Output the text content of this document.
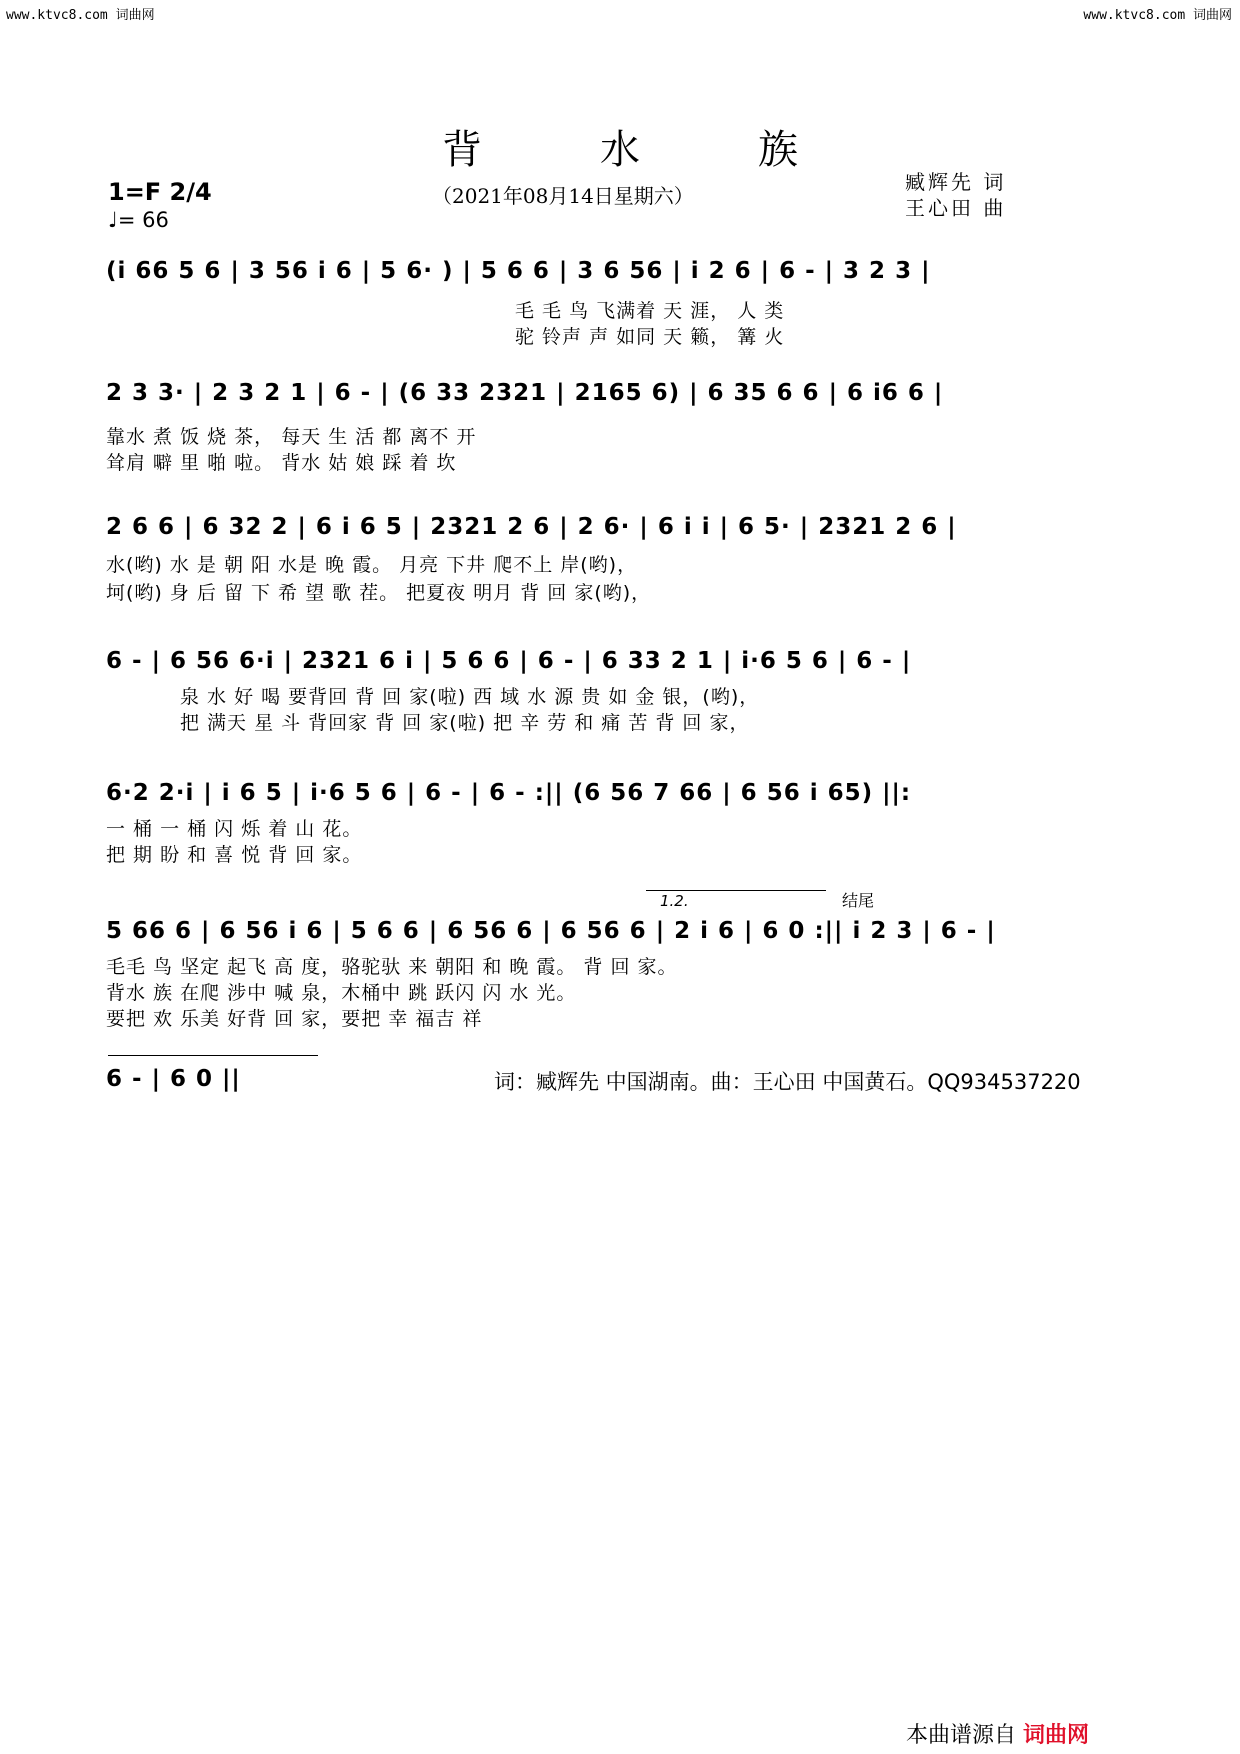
www.ktvc8.com 词曲网	www.ktvc8.com 词曲网
背水族
1=F 2/4
♩= 66
（2021年08月14日星期六）
臧辉先 词
王心田 曲
(i 66 5 6 | 3 56 i 6 | 5 6· ) | 5 6 6 | 3 6 56 | i 2 6 | 6 - | 3 2 3 |
毛 毛 鸟 飞满着 天 涯， 人 类
驼 铃声 声 如同 天 籁， 篝 火
2 3 3· | 2 3 2 1 | 6 - | (6 33 2321 | 2165 6) | 6 35 6 6 | 6 i6 6 |
靠水 煮 饭 烧 茶， 每天 生 活 都 离不 开
耸肩 噼 里 啪 啦。 背水 姑 娘 踩 着 坎
2 6 6 | 6 32 2 | 6 i 6 5 | 2321 2 6 | 2 6· | 6 i i | 6 5· | 2321 2 6 |
水(哟) 水 是 朝 阳 水是 晚 霞。 月亮 下井 爬不上 岸(哟)，
坷(哟) 身 后 留 下 希 望 歌 茬。 把夏夜 明月 背 回 家(哟)，
6 - | 6 56 6·i | 2321 6 i | 5 6 6 | 6 - | 6 33 2 1 | i·6 5 6 | 6 - |
泉 水 好 喝 要背回 背 回 家(啦) 西 域 水 源 贵 如 金 银，(哟)，
把 满天 星 斗 背回家 背 回 家(啦) 把 辛 劳 和 痛 苦 背 回 家，
6·2 2·i | i 6 5 | i·6 5 6 | 6 - | 6 - :|| (6 56 7 66 | 6 56 i 65) ||:
一 桶 一 桶 闪 烁 着 山 花。
把 期 盼 和 喜 悦 背 回 家。
1.2.	结尾
5 66 6 | 6 56 i 6 | 5 6 6 | 6 56 6 | 6 56 6 | 2 i 6 | 6 0 :|| i 2 3 | 6 - |
毛毛 鸟 坚定 起飞 高 度，骆驼驮 来 朝阳 和 晚 霞。 背 回 家。
背水 族 在爬 涉中 喊 泉，木桶中 跳 跃闪 闪 水 光。
要把 欢 乐美 好背 回 家，要把 幸 福吉 祥
6 - | 6 0 ||	词：臧辉先 中国湖南。曲：王心田 中国黄石。QQ934537220
本曲谱源自 词曲网
